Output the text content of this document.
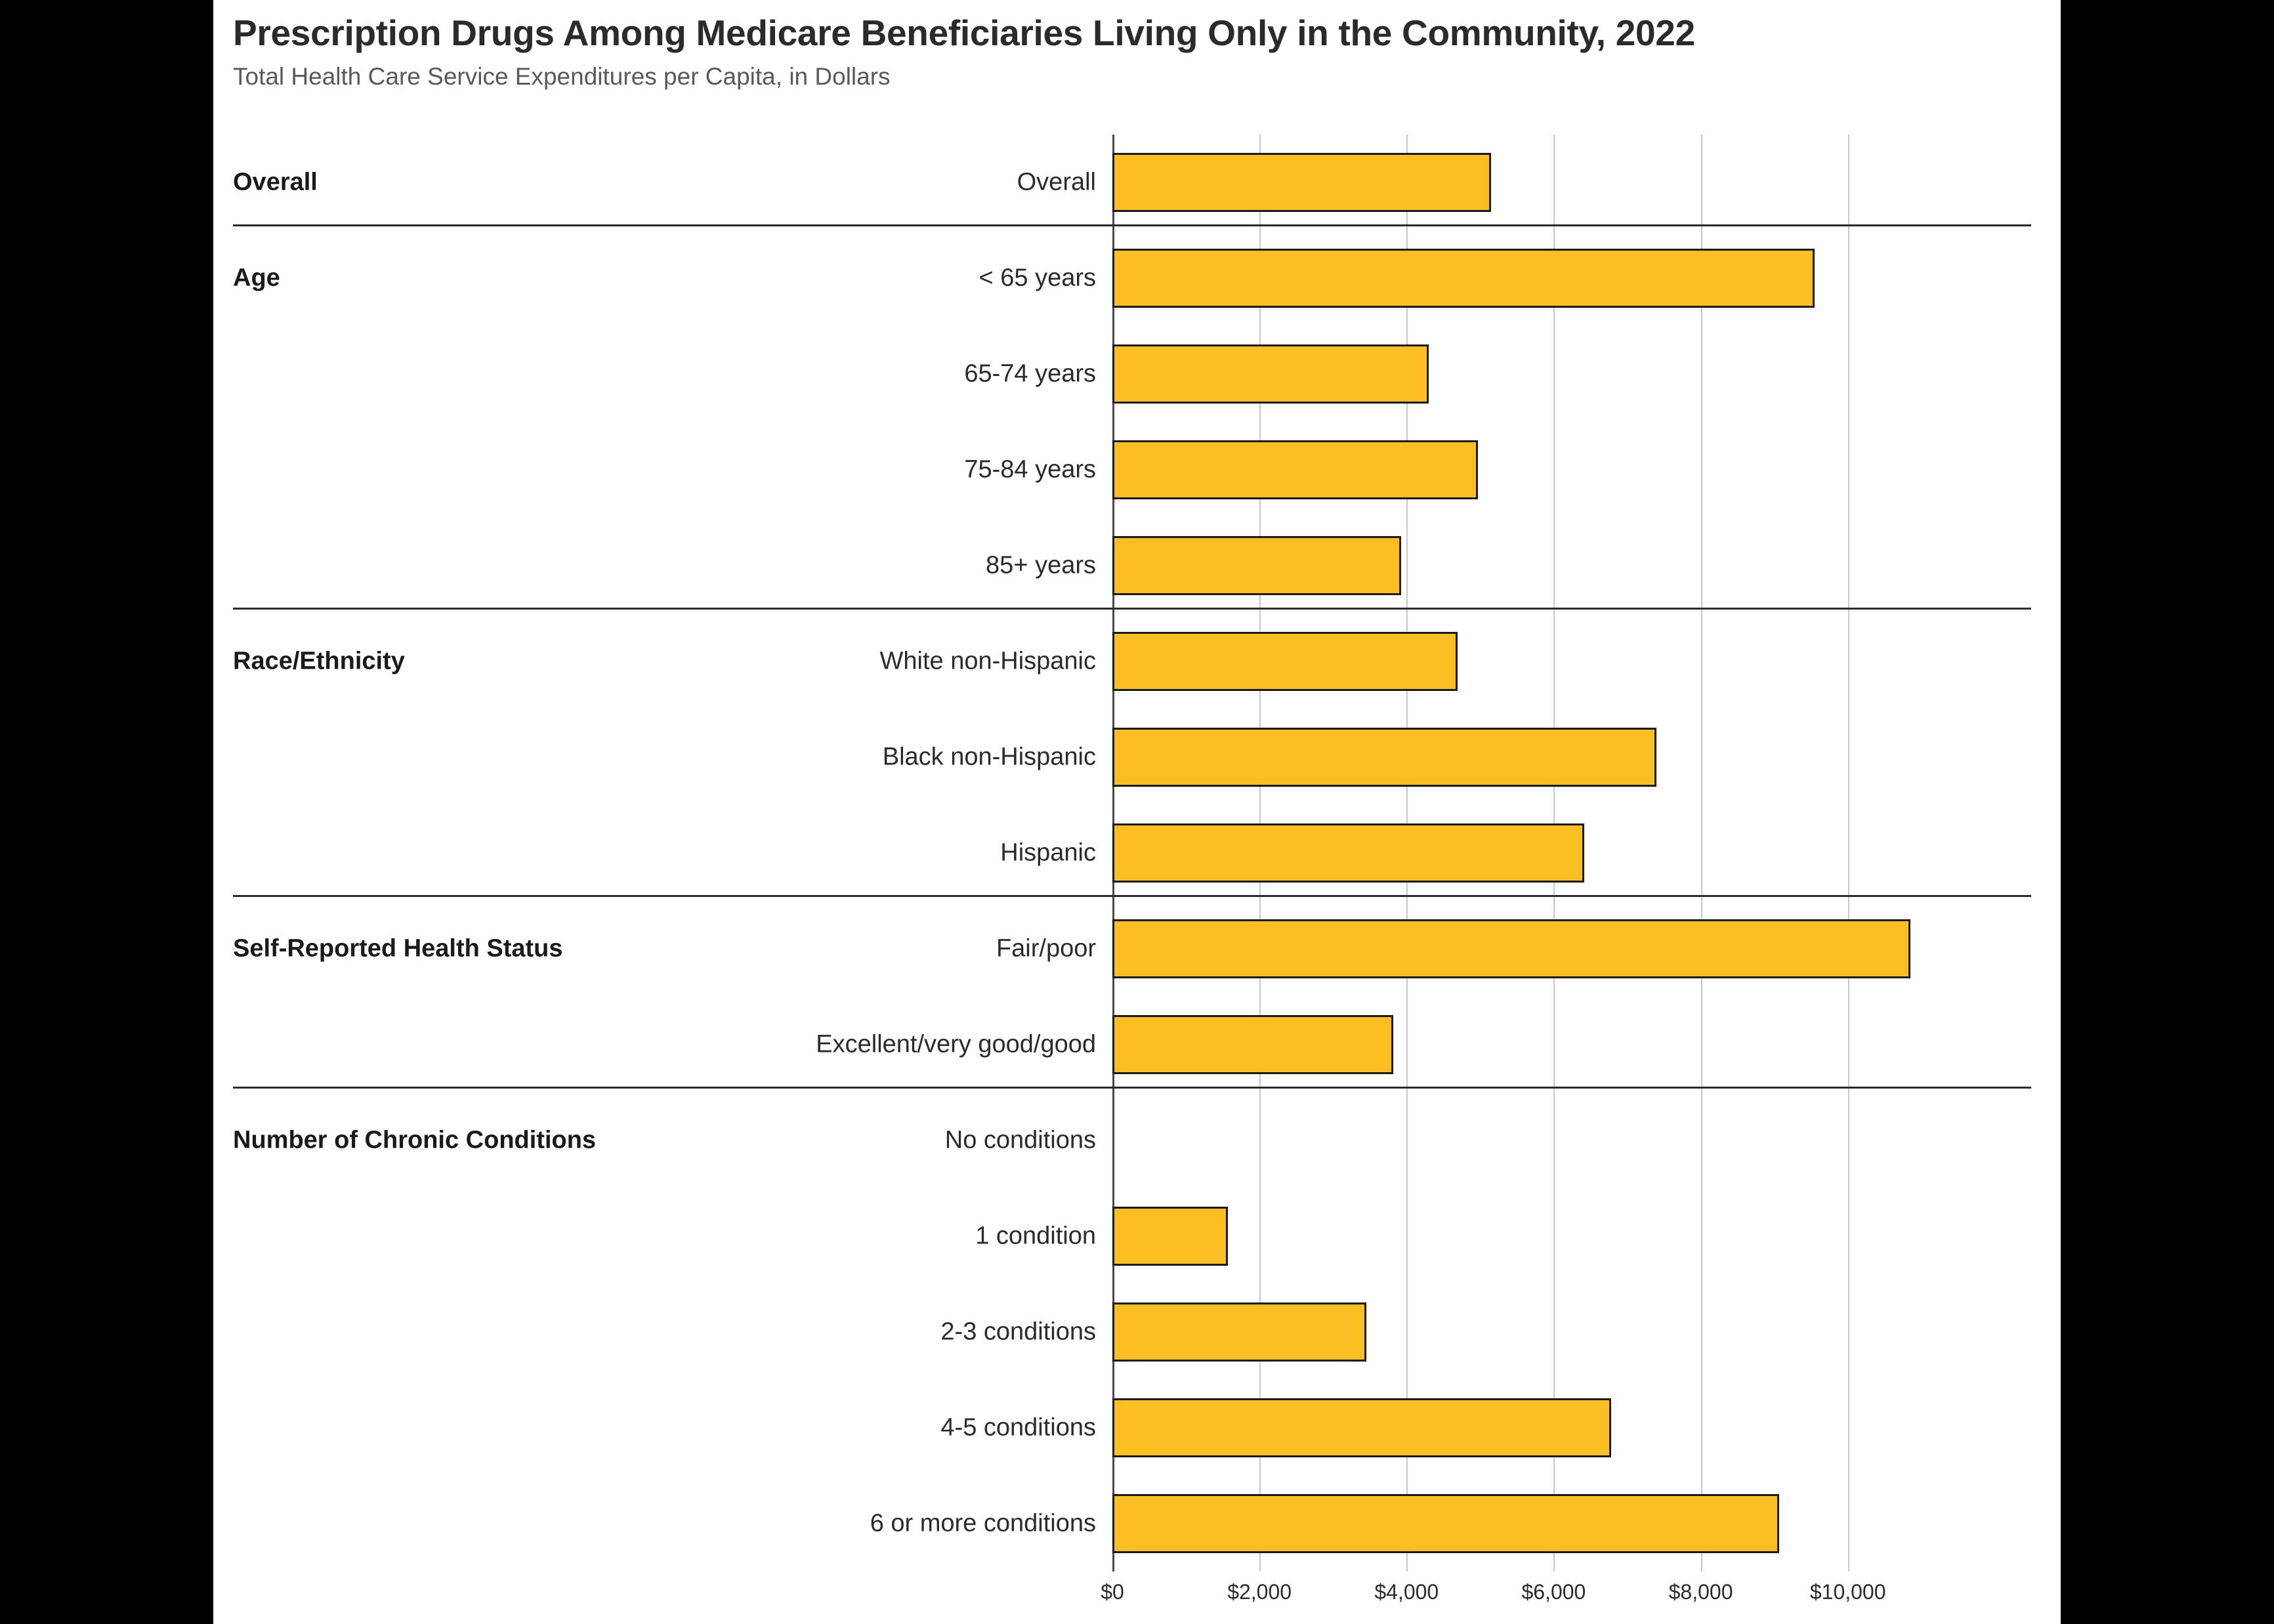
Prescription Drugs Among Medicare Beneficiaries Living Only in the Community, 2022
Total Health Care Service Expenditures per Capita, in Dollars
Overall
Age
Race/Ethnicity
Self-Reported Health Status
Number of Chronic Conditions
Overall
< 65 years
65-74 years
75-84 years
85+ years
White non-Hispanic
Black non-Hispanic
Hispanic
Fair/poor
Excellent/very good/good
No conditions
1 condition
2-3 conditions
4-5 conditions
6 or more conditions
$0	$2,000	$4,000	$6,000	$8,000	$10,000
